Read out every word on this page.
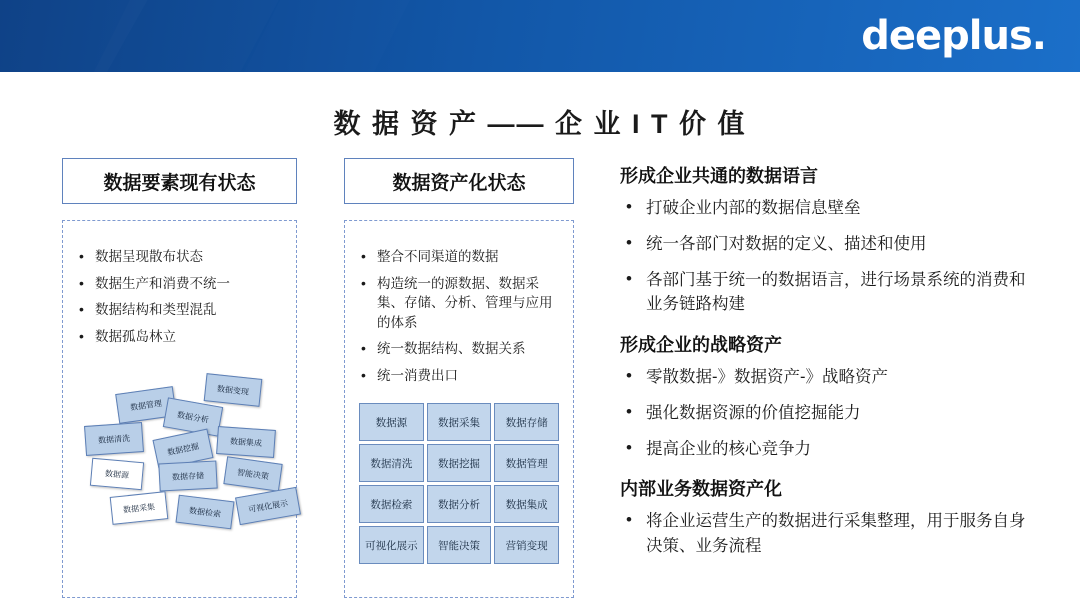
deeplus.
数 据 资 产 —— 企 业 I T 价 值
数据要素现有状态
• 数据呈现散布状态
• 数据生产和消费不统一
• 数据结构和类型混乱
• 数据孤岛林立
数据管理
数据变现
数据分析
数据清洗
数据挖掘	数据集成
数据源	数据存储	智能决策
数据采集	数据检索	可视化展示
数据资产化状态
• 整合不同渠道的数据
• 构造统一的源数据、数据采集、存储、分析、管理与应用的体系
• 统一数据结构、数据关系
• 统一消费出口
数据源	数据采集	数据存储
数据清洗	数据挖掘	数据管理
数据检索	数据分析	数据集成
可视化展示	智能决策	营销变现
形成企业共通的数据语言
• 打破企业内部的数据信息壁垒
• 统一各部门对数据的定义、描述和使用
• 各部门基于统一的数据语言，进行场景系统的消费和业务链路构建
形成企业的战略资产
• 零散数据-》数据资产-》战略资产
• 强化数据资源的价值挖掘能力
• 提高企业的核心竞争力
内部业务数据资产化
• 将企业运营生产的数据进行采集整理，用于服务自身决策、业务流程
